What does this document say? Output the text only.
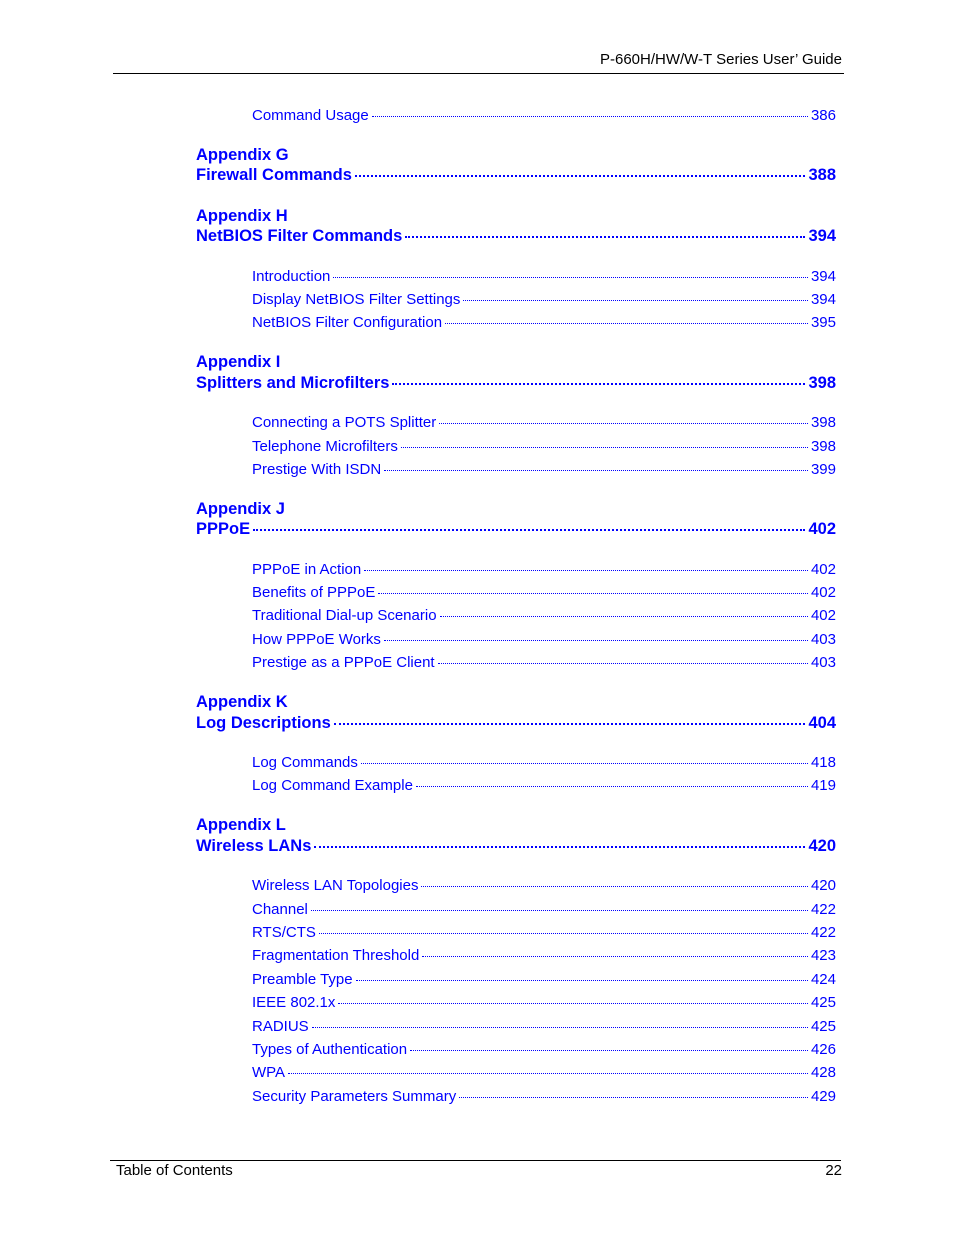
P-660H/HW/W-T Series User’ Guide
Command Usage	386
Appendix G
Firewall Commands	388
Appendix H
NetBIOS Filter Commands	394
Introduction	394
Display NetBIOS Filter Settings	394
NetBIOS Filter Configuration	395
Appendix I
Splitters and Microfilters	398
Connecting a POTS Splitter	398
Telephone Microfilters	398
Prestige With ISDN	399
Appendix J
PPPoE	402
PPPoE in Action	402
Benefits of PPPoE	402
Traditional Dial-up Scenario	402
How PPPoE Works	403
Prestige as a PPPoE Client	403
Appendix K
Log Descriptions	404
Log Commands	418
Log Command Example	419
Appendix L
Wireless LANs	420
Wireless LAN Topologies	420
Channel	422
RTS/CTS	422
Fragmentation Threshold	423
Preamble Type	424
IEEE 802.1x	425
RADIUS	425
Types of Authentication	426
WPA	428
Security Parameters Summary	429
Table of Contents	22
